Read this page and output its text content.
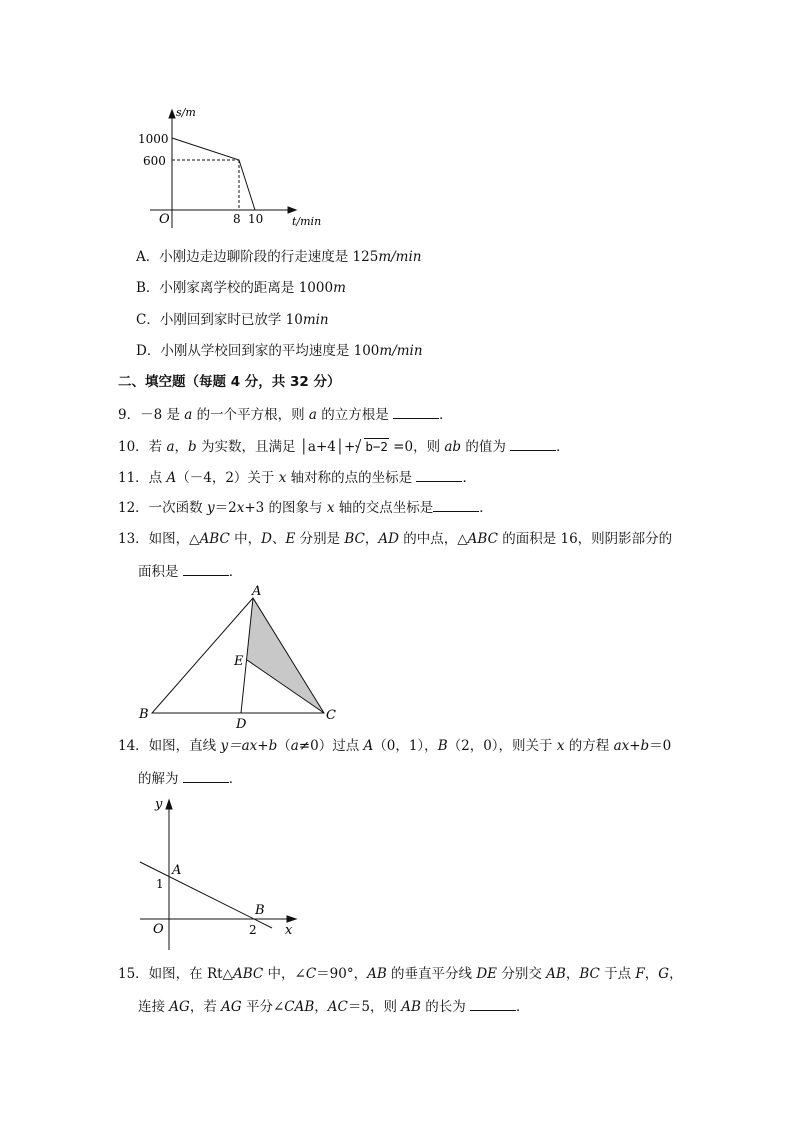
s/m
t/min
O
1000
600
8 10
A．小刚边走边聊阶段的行走速度是 125m/min
B．小刚家离学校的距离是 1000m
C．小刚回到家时已放学 10min
D．小刚从学校回到家的平均速度是 100m/min
二、填空题（每题 4 分，共 32 分）
9．－8 是 a 的一个平方根，则 a 的立方根是	．
10．若 a，b 为实数，且满足 │a+4│+ b−2 =0，则 ab 的值为	．
11．点 A（－4，2）关于 x 轴对称的点的坐标是	．
12．一次函数 y＝2x+3 的图象与 x 轴的交点坐标是	．
13．如图，△ABC 中，D、E 分别是 BC，AD 的中点，△ABC 的面积是 16，则阴影部分的
面积是	．
A
B	C
D
E
14．如图，直线 y＝ax+b（a≠0）过点 A（0，1），B（2，0），则关于 x 的方程 ax+b＝0
的解为	．
y
x
O
A
B
1
2
15．如图，在 Rt△ABC 中，∠C＝90°，AB 的垂直平分线 DE 分别交 AB，BC 于点 F，G，
连接 AG，若 AG 平分∠CAB，AC＝5，则 AB 的长为	．
